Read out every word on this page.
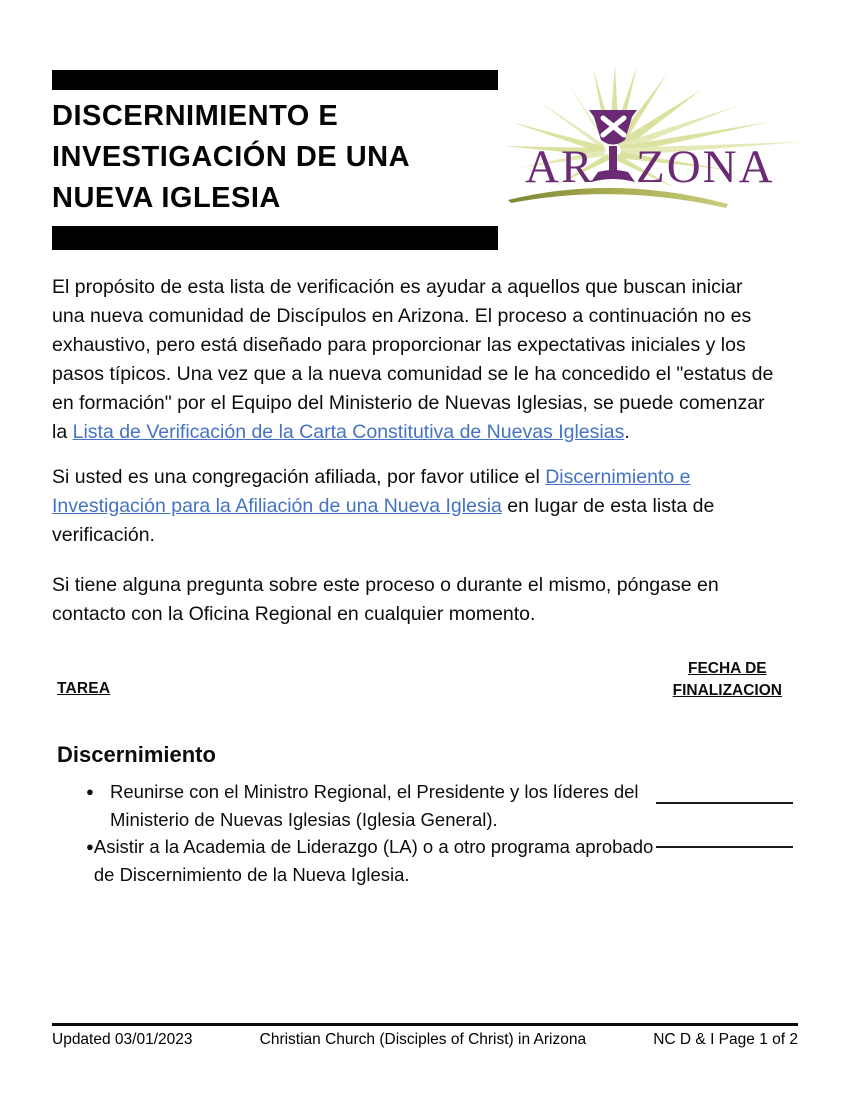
DISCERNIMIENTO E
INVESTIGACIÓN DE UNA
NUEVA IGLESIA
AR ZONA
El propósito de esta lista de verificación es ayudar a aquellos que buscan iniciar
una nueva comunidad de Discípulos en Arizona. El proceso a continuación no es
exhaustivo, pero está diseñado para proporcionar las expectativas iniciales y los
pasos típicos. Una vez que a la nueva comunidad se le ha concedido el "estatus de
en formación" por el Equipo del Ministerio de Nuevas Iglesias, se puede comenzar
la Lista de Verificación de la Carta Constitutiva de Nuevas Iglesias.
Si usted es una congregación afiliada, por favor utilice el Discernimiento e
Investigación para la Afiliación de una Nueva Iglesia en lugar de esta lista de
verificación.
Si tiene alguna pregunta sobre este proceso o durante el mismo, póngase en
contacto con la Oficina Regional en cualquier momento.
TAREA
FECHA DE
FINALIZACION
Discernimiento
● Reunirse con el Ministro Regional, el Presidente y los líderes del
Ministerio de Nuevas Iglesias (Iglesia General).
● Asistir a la Academia de Liderazgo (LA) o a otro programa aprobado
de Discernimiento de la Nueva Iglesia.
Updated 03/01/2023	Christian Church (Disciples of Christ) in Arizona	NC D & I Page 1 of 2
